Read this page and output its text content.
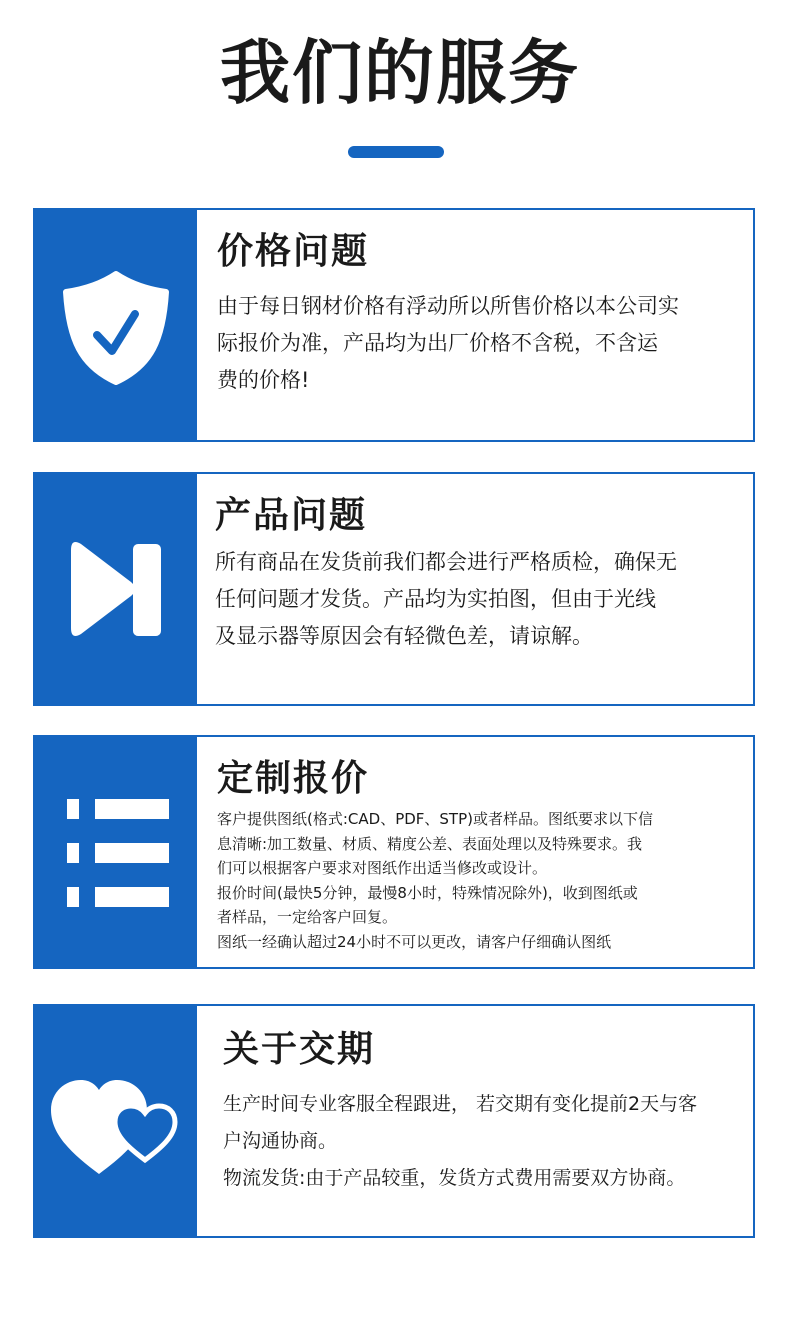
我们的服务
价格问题

由于每日钢材价格有浮动所以所售价格以本公司实

际报价为准，产品均为出厂价格不含税，不含运

费的价格!

产品问题

所有商品在发货前我们都会进行严格质检，确保无

任何问题才发货。产品均为实拍图，但由于光线

及显示器等原因会有轻微色差，请谅解。

定制报价

客户提供图纸(格式:CAD、PDF、STP)或者样品。图纸要求以下信

息清晰:加工数量、材质、精度公差、表面处理以及特殊要求。我

们可以根据客户要求对图纸作出适当修改或设计。

报价时间(最快5分钟，最慢8小时，特殊情况除外)，收到图纸或

者样品，一定给客户回复。

图纸一经确认超过24小时不可以更改，请客户仔细确认图纸

关于交期

生产时间专业客服全程跟进， 若交期有变化提前2天与客

户沟通协商。

物流发货:由于产品较重，发货方式费用需要双方协商。
